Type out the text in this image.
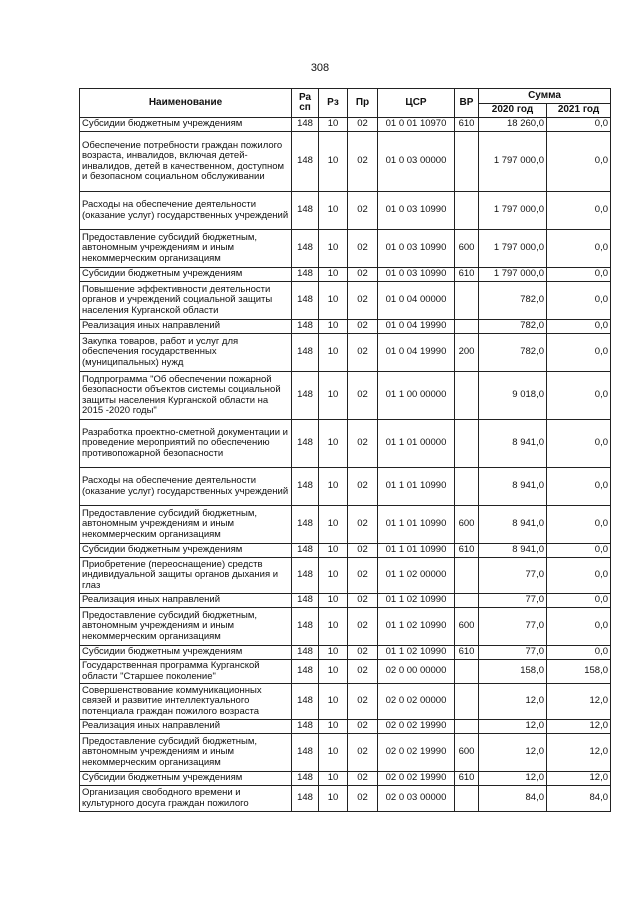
308
Наименование	Ра сп	Рз	Пр	ЦСР	ВР	Сумма	
						2020 год	2021 год
Субсидии бюджетным учреждениям	148	10	02	01 0 01 10970	610	18 260,0	0,0
Обеспечение потребности граждан пожилого возраста, инвалидов, включая детей-инвалидов, детей в качественном, доступном и безопасном социальном обслуживании	148	10	02	01 0 03 00000		1 797 000,0	0,0
Расходы на обеспечение деятельности (оказание услуг) государственных учреждений	148	10	02	01 0 03 10990		1 797 000,0	0,0
Предоставление субсидий бюджетным, автономным учреждениям и иным некоммерческим организациям	148	10	02	01 0 03 10990	600	1 797 000,0	0,0
Субсидии бюджетным учреждениям	148	10	02	01 0 03 10990	610	1 797 000,0	0,0
Повышение эффективности деятельности органов и учреждений социальной защиты населения Курганской области	148	10	02	01 0 04 00000		782,0	0,0
Реализация иных направлений	148	10	02	01 0 04 19990		782,0	0,0
Закупка товаров, работ и услуг для обеспечения государственных (муниципальных) нужд	148	10	02	01 0 04 19990	200	782,0	0,0
Подпрограмма "Об обеспечении пожарной безопасности объектов системы социальной защиты населения Курганской области на 2015 -2020 годы"	148	10	02	01 1 00 00000		9 018,0	0,0
Разработка проектно-сметной документации и проведение мероприятий по обеспечению противопожарной безопасности	148	10	02	01 1 01 00000		8 941,0	0,0
Расходы на обеспечение деятельности (оказание услуг) государственных учреждений	148	10	02	01 1 01 10990		8 941,0	0,0
Предоставление субсидий бюджетным, автономным учреждениям и иным некоммерческим организациям	148	10	02	01 1 01 10990	600	8 941,0	0,0
Субсидии бюджетным учреждениям	148	10	02	01 1 01 10990	610	8 941,0	0,0
Приобретение (переоснащение) средств индивидуальной защиты органов дыхания и глаз	148	10	02	01 1 02 00000		77,0	0,0
Реализация иных направлений	148	10	02	01 1 02 10990		77,0	0,0
Предоставление субсидий бюджетным, автономным учреждениям и иным некоммерческим организациям	148	10	02	01 1 02 10990	600	77,0	0,0
Субсидии бюджетным учреждениям	148	10	02	01 1 02 10990	610	77,0	0,0
Государственная программа Курганской области "Старшее поколение"	148	10	02	02 0 00 00000		158,0	158,0
Совершенствование коммуникационных связей и развитие интеллектуального потенциала граждан пожилого возраста	148	10	02	02 0 02 00000		12,0	12,0
Реализация иных направлений	148	10	02	02 0 02 19990		12,0	12,0
Предоставление субсидий бюджетным, автономным учреждениям и иным некоммерческим организациям	148	10	02	02 0 02 19990	600	12,0	12,0
Субсидии бюджетным учреждениям	148	10	02	02 0 02 19990	610	12,0	12,0
Организация свободного времени и культурного досуга граждан пожилого	148	10	02	02 0 03 00000		84,0	84,0
